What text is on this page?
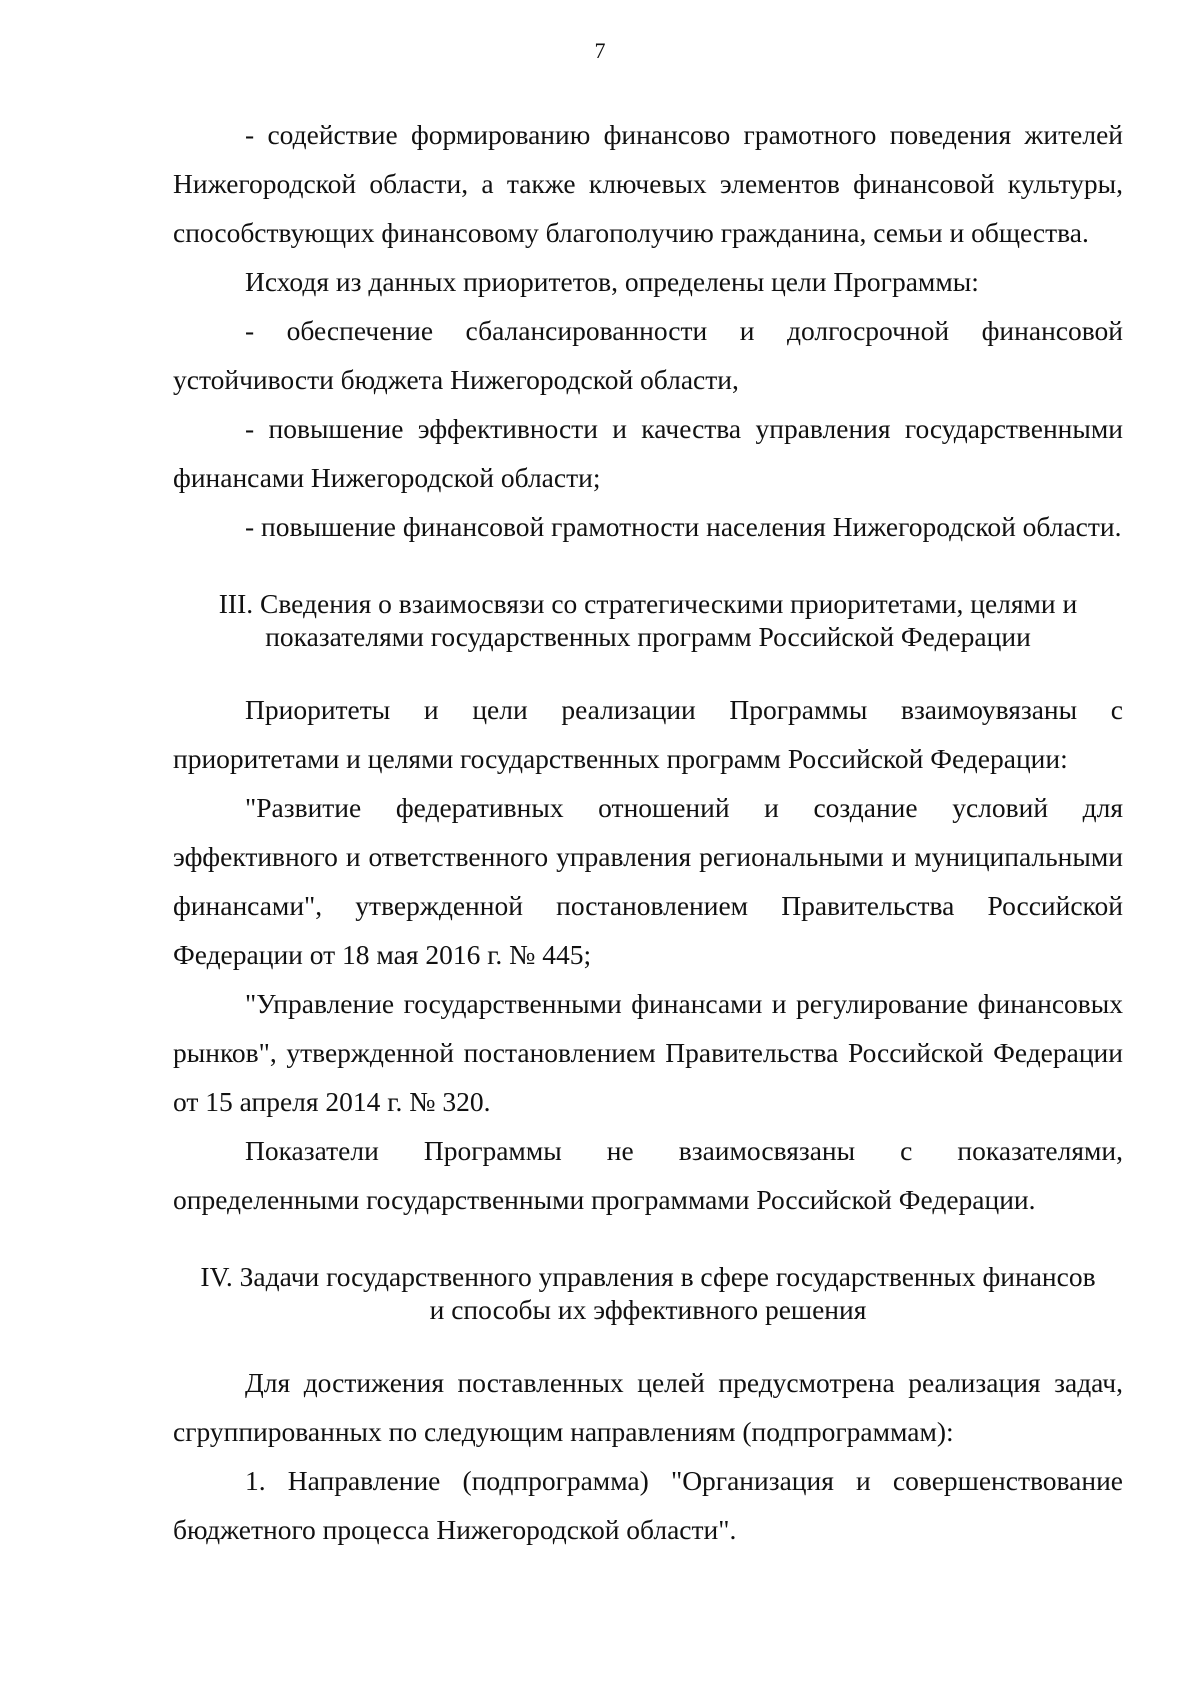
7

- содействие формированию финансово грамотного поведения жителей Нижегородской области, а также ключевых элементов финансовой культуры, способствующих финансовому благополучию гражданина, семьи и общества.

Исходя из данных приоритетов, определены цели Программы:

- обеспечение сбалансированности и долгосрочной финансовой устойчивости бюджета Нижегородской области,

- повышение эффективности и качества управления государственными финансами Нижегородской области;

- повышение финансовой грамотности населения Нижегородской области.

III. Сведения о взаимосвязи со стратегическими приоритетами, целями и

показателями государственных программ Российской Федерации

Приоритеты и цели реализации Программы взаимоувязаны с приоритетами и целями государственных программ Российской Федерации:

"Развитие федеративных отношений и создание условий для эффективного и ответственного управления региональными и муниципальными финансами", утвержденной постановлением Правительства Российской Федерации от 18 мая 2016 г. № 445;

"Управление государственными финансами и регулирование финансовых рынков", утвержденной постановлением Правительства Российской Федерации от 15 апреля 2014 г. № 320.

Показатели Программы не взаимосвязаны с показателями, определенными государственными программами Российской Федерации.

IV. Задачи государственного управления в сфере государственных финансов

и способы их эффективного решения

Для достижения поставленных целей предусмотрена реализация задач, сгруппированных по следующим направлениям (подпрограммам):

1. Направление (подпрограмма) "Организация и совершенствование бюджетного процесса Нижегородской области".
